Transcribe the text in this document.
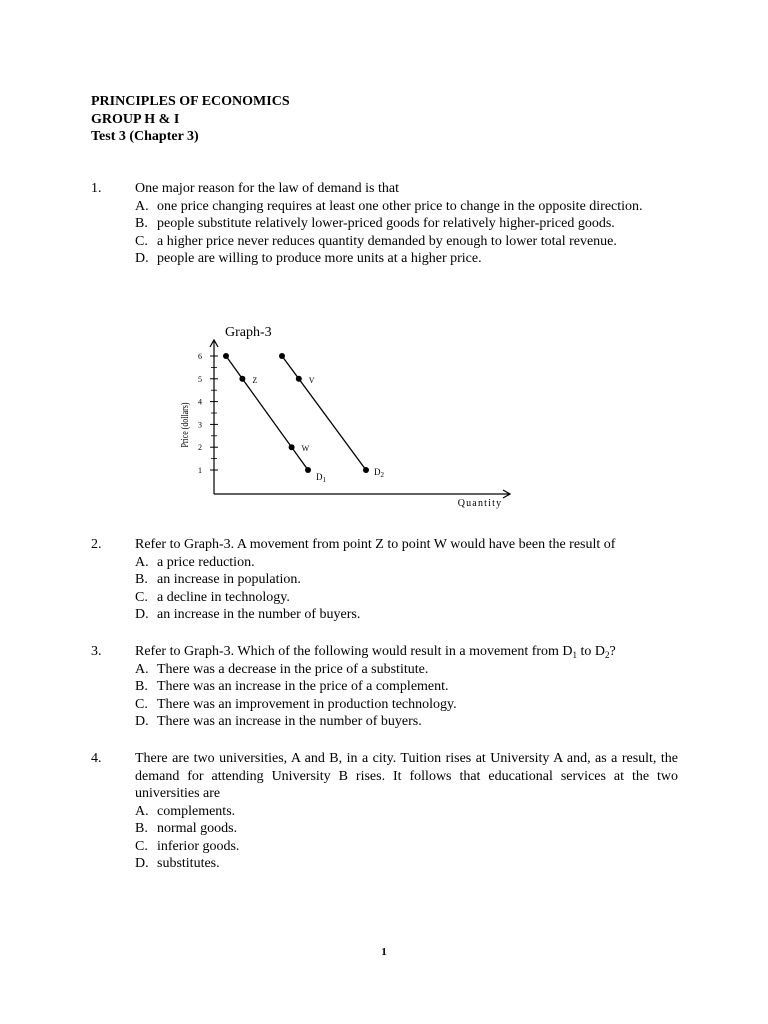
PRINCIPLES OF ECONOMICS
GROUP H & I
Test 3 (Chapter 3)
1. One major reason for the law of demand is that
A. one price changing requires at least one other price to change in the opposite direction.
B. people substitute relatively lower-priced goods for relatively higher-priced goods.
C. a higher price never reduces quantity demanded by enough to lower total revenue.
D. people are willing to produce more units at a higher price.
Graph-3
1
2
3
4
5
6
Price (dollars)
Quantity
Z
W
$D_1$
V
$D_2$
2. Refer to Graph-3. A movement from point Z to point W would have been the result of
A. a price reduction.
B. an increase in population.
C. a decline in technology.
D. an increase in the number of buyers.
3. Refer to Graph-3. Which of the following would result in a movement from $D_1$ to $D_2$?
A. There was a decrease in the price of a substitute.
B. There was an increase in the price of a complement.
C. There was an improvement in production technology.
D. There was an increase in the number of buyers.
4. There are two universities, A and B, in a city. Tuition rises at University A and, as a result, the demand for attending University B rises. It follows that educational services at the two universities are
A. complements.
B. normal goods.
C. inferior goods.
D. substitutes.
1
